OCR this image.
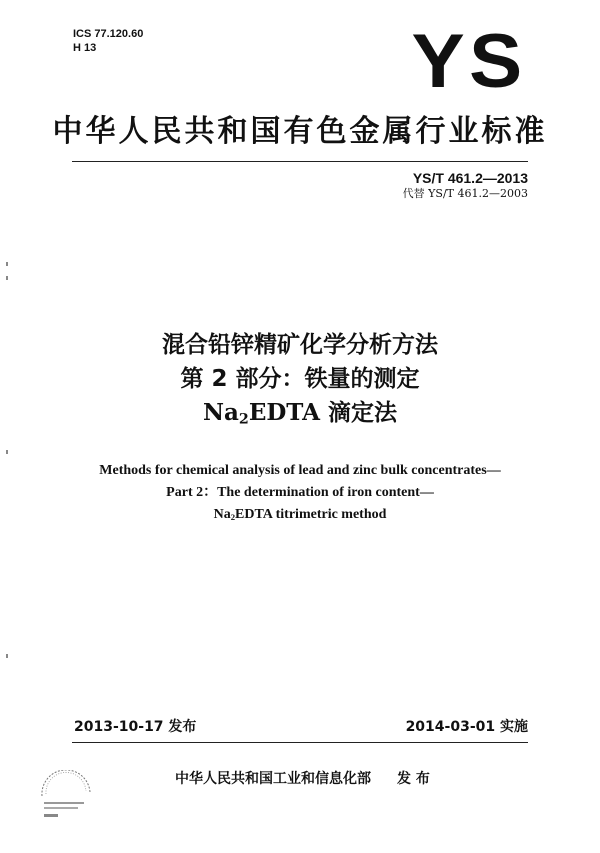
ICS 77.120.60
H 13	YS
中华人民共和国有色金属行业标准
YS/T 461.2—2013
代替 YS/T 461.2—2003
混合铅锌精矿化学分析方法
第 2 部分：铁量的测定
$Na_2EDTA$ 滴定法
Methods for chemical analysis of lead and zinc bulk concentrates—
Part 2：The determination of iron content—
$Na_2EDTA$ titrimetric method
2013-10-17 发布	2014-03-01 实施
中华人民共和国工业和信息化部 发 布
